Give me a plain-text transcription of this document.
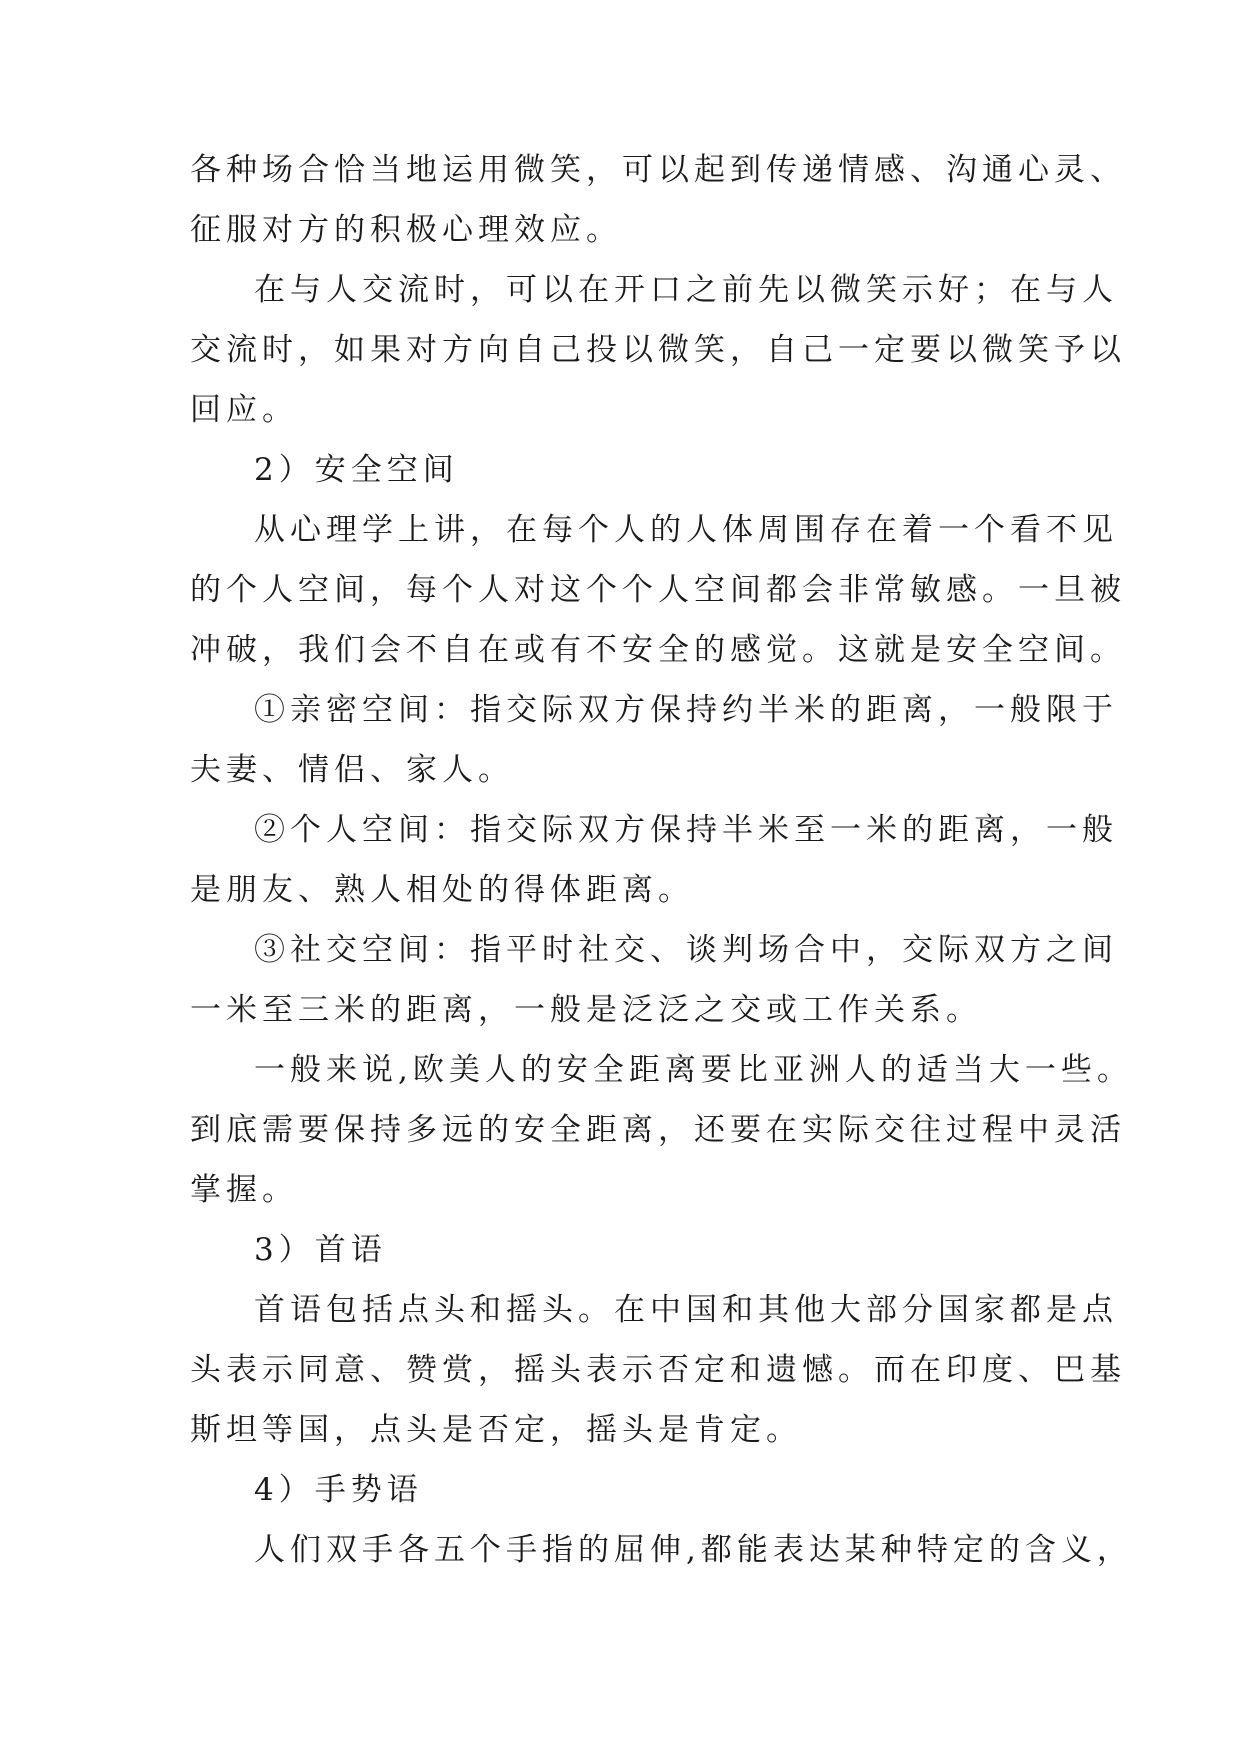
各种场合恰当地运用微笑，可以起到传递情感、沟通心灵、
征服对方的积极心理效应。
在与人交流时，可以在开口之前先以微笑示好；在与人
交流时，如果对方向自己投以微笑，自己一定要以微笑予以
回应。
2）安全空间
从心理学上讲，在每个人的人体周围存在着一个看不见
的个人空间，每个人对这个个人空间都会非常敏感。一旦被
冲破，我们会不自在或有不安全的感觉。这就是安全空间。
①亲密空间：指交际双方保持约半米的距离，一般限于
夫妻、情侣、家人。
②个人空间：指交际双方保持半米至一米的距离，一般
是朋友、熟人相处的得体距离。
③社交空间：指平时社交、谈判场合中，交际双方之间
一米至三米的距离，一般是泛泛之交或工作关系。
一般来说,欧美人的安全距离要比亚洲人的适当大一些。
到底需要保持多远的安全距离，还要在实际交往过程中灵活
掌握。
3）首语
首语包括点头和摇头。在中国和其他大部分国家都是点
头表示同意、赞赏，摇头表示否定和遗憾。而在印度、巴基
斯坦等国，点头是否定，摇头是肯定。
4）手势语
人们双手各五个手指的屈伸,都能表达某种特定的含义，
